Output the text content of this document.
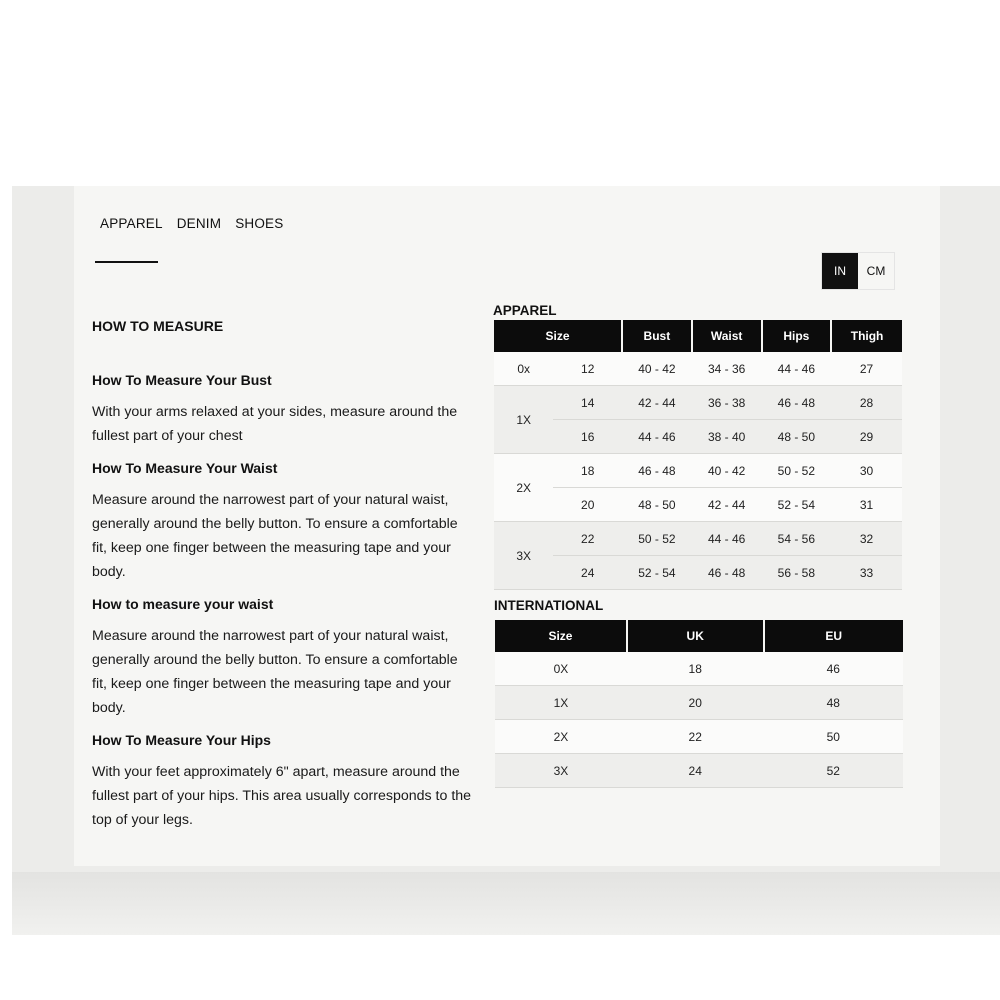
APPAREL DENIM SHOES
IN	CM
HOW TO MEASURE
How To Measure Your Bust
With your arms relaxed at your sides, measure around the fullest part of your chest
How To Measure Your Waist
Measure around the narrowest part of your natural waist, generally around the belly button. To ensure a comfortable fit, keep one finger between the measuring tape and your body.
How to measure your waist
Measure around the narrowest part of your natural waist, generally around the belly button. To ensure a comfortable fit, keep one finger between the measuring tape and your body.
How To Measure Your Hips
With your feet approximately 6" apart, measure around the fullest part of your hips. This area usually corresponds to the top of your legs.
APPAREL
Size		Bust	Waist	Hips	Thigh
0x	12	40 - 42	34 - 36	44 - 46	27
1X	14	42 - 44	36 - 38	46 - 48	28
	16	44 - 46	38 - 40	48 - 50	29
2X	18	46 - 48	40 - 42	50 - 52	30
	20	48 - 50	42 - 44	52 - 54	31
3X	22	50 - 52	44 - 46	54 - 56	32
	24	52 - 54	46 - 48	56 - 58	33
INTERNATIONAL
Size	UK	EU
0X	18	46
1X	20	48
2X	22	50
3X	24	52
